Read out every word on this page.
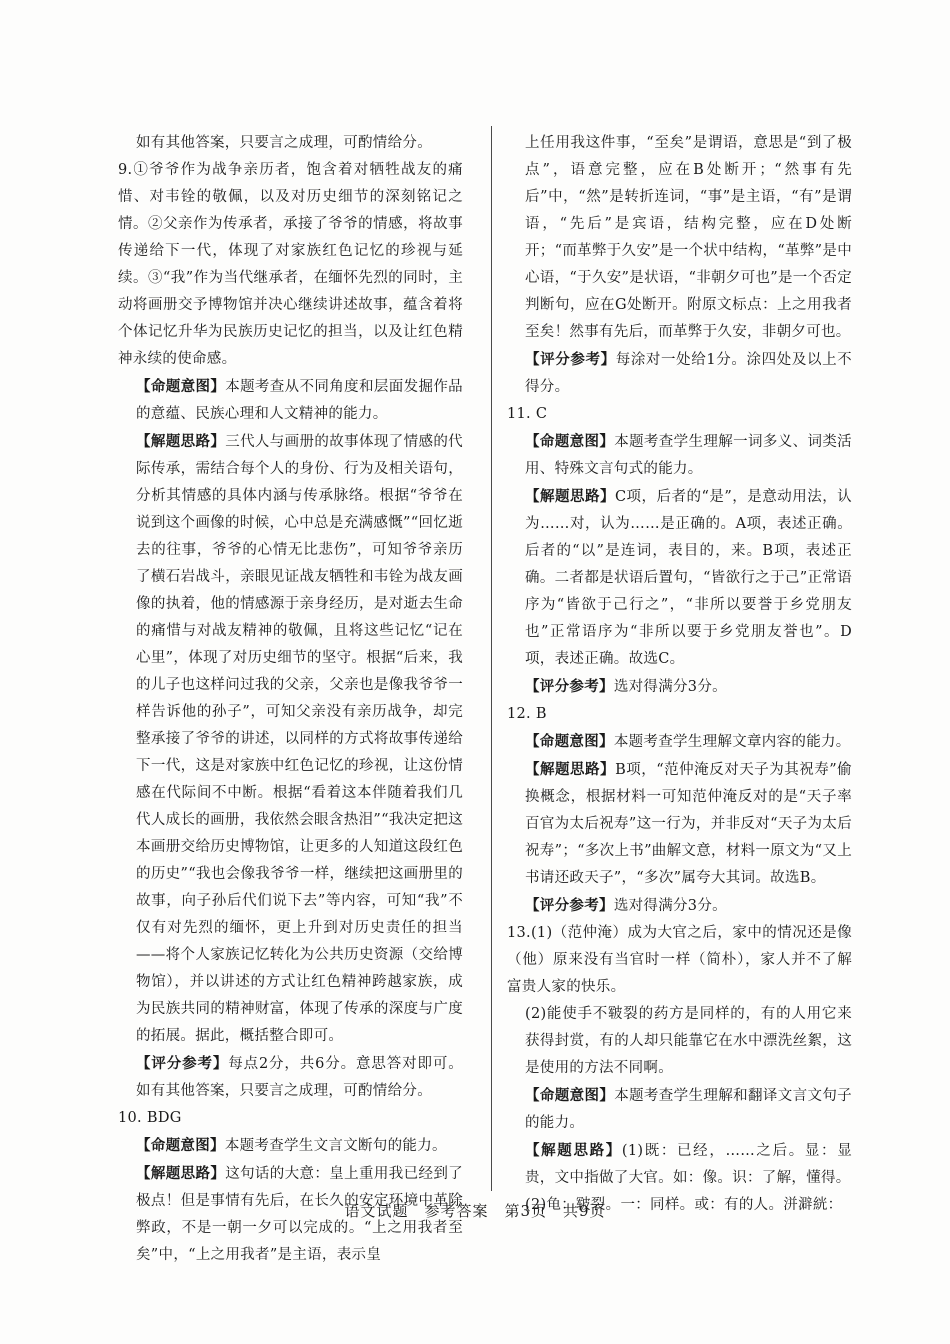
如有其他答案，只要言之成理，可酌情给分。

9.①爷爷作为战争亲历者，饱含着对牺牲战友的痛惜、对韦铨的敬佩，以及对历史细节的深刻铭记之情。②父亲作为传承者，承接了爷爷的情感，将故事传递给下一代，体现了对家族红色记忆的珍视与延续。③“我”作为当代继承者，在缅怀先烈的同时，主动将画册交予博物馆并决心继续讲述故事，蕴含着将个体记忆升华为民族历史记忆的担当，以及让红色精神永续的使命感。

【命题意图】本题考查从不同角度和层面发掘作品的意蕴、民族心理和人文精神的能力。

【解题思路】三代人与画册的故事体现了情感的代际传承，需结合每个人的身份、行为及相关语句，分析其情感的具体内涵与传承脉络。根据“爷爷在说到这个画像的时候，心中总是充满感慨”“回忆逝去的往事，爷爷的心情无比悲伤”，可知爷爷亲历了横石岩战斗，亲眼见证战友牺牲和韦铨为战友画像的执着，他的情感源于亲身经历，是对逝去生命的痛惜与对战友精神的敬佩，且将这些记忆“记在心里”，体现了对历史细节的坚守。根据“后来，我的儿子也这样问过我的父亲，父亲也是像我爷爷一样告诉他的孙子”，可知父亲没有亲历战争，却完整承接了爷爷的讲述，以同样的方式将故事传递给下一代，这是对家族中红色记忆的珍视，让这份情感在代际间不中断。根据“看着这本伴随着我们几代人成长的画册，我依然会眼含热泪”“我决定把这本画册交给历史博物馆，让更多的人知道这段红色的历史”“我也会像我爷爷一样，继续把这画册里的故事，向子孙后代们说下去”等内容，可知“我”不仅有对先烈的缅怀，更上升到对历史责任的担当——将个人家族记忆转化为公共历史资源（交给博物馆），并以讲述的方式让红色精神跨越家族，成为民族共同的精神财富，体现了传承的深度与广度的拓展。据此，概括整合即可。

【评分参考】每点2分，共6分。意思答对即可。如有其他答案，只要言之成理，可酌情给分。

10. BDG

【命题意图】本题考查学生文言文断句的能力。

【解题思路】这句话的大意：皇上重用我已经到了极点！但是事情有先后，在长久的安定环境中革除弊政，不是一朝一夕可以完成的。“上之用我者至矣”中，“上之用我者”是主语，表示皇

上任用我这件事，“至矣”是谓语，意思是“到了极点”，语意完整，应在B处断开；“然事有先后”中，“然”是转折连词，“事”是主语，“有”是谓语，“先后”是宾语，结构完整，应在D处断开；“而革弊于久安”是一个状中结构，“革弊”是中心语，“于久安”是状语，“非朝夕可也”是一个否定判断句，应在G处断开。附原文标点：上之用我者至矣！然事有先后，而革弊于久安，非朝夕可也。

【评分参考】每涂对一处给1分。涂四处及以上不得分。

11. C

【命题意图】本题考查学生理解一词多义、词类活用、特殊文言句式的能力。

【解题思路】C项，后者的“是”，是意动用法，认为……对，认为……是正确的。A项，表述正确。后者的“以”是连词，表目的，来。B项，表述正确。二者都是状语后置句，“皆欲行之于己”正常语序为“皆欲于己行之”，“非所以要誉于乡党朋友也”正常语序为“非所以要于乡党朋友誉也”。D项，表述正确。故选C。

【评分参考】选对得满分3分。

12. B

【命题意图】本题考查学生理解文章内容的能力。

【解题思路】B项，“范仲淹反对天子为其祝寿”偷换概念，根据材料一可知范仲淹反对的是“天子率百官为太后祝寿”这一行为，并非反对“天子为太后祝寿”；“多次上书”曲解文意，材料一原文为“又上书请还政天子”，“多次”属夸大其词。故选B。

【评分参考】选对得满分3分。

13.(1)（范仲淹）成为大官之后，家中的情况还是像（他）原来没有当官时一样（简朴），家人并不了解富贵人家的快乐。

(2)能使手不皲裂的药方是同样的，有的人用它来获得封赏，有的人却只能靠它在水中漂洗丝絮，这是使用的方法不同啊。

【命题意图】本题考查学生理解和翻译文言文句子的能力。

【解题思路】(1)既：已经，……之后。显：显贵，文中指做了大官。如：像。识：了解，懂得。

(2)龟：皲裂。一：同样。或：有的人。洴澼絖：

语文试题　参考答案　第3页　共9页
